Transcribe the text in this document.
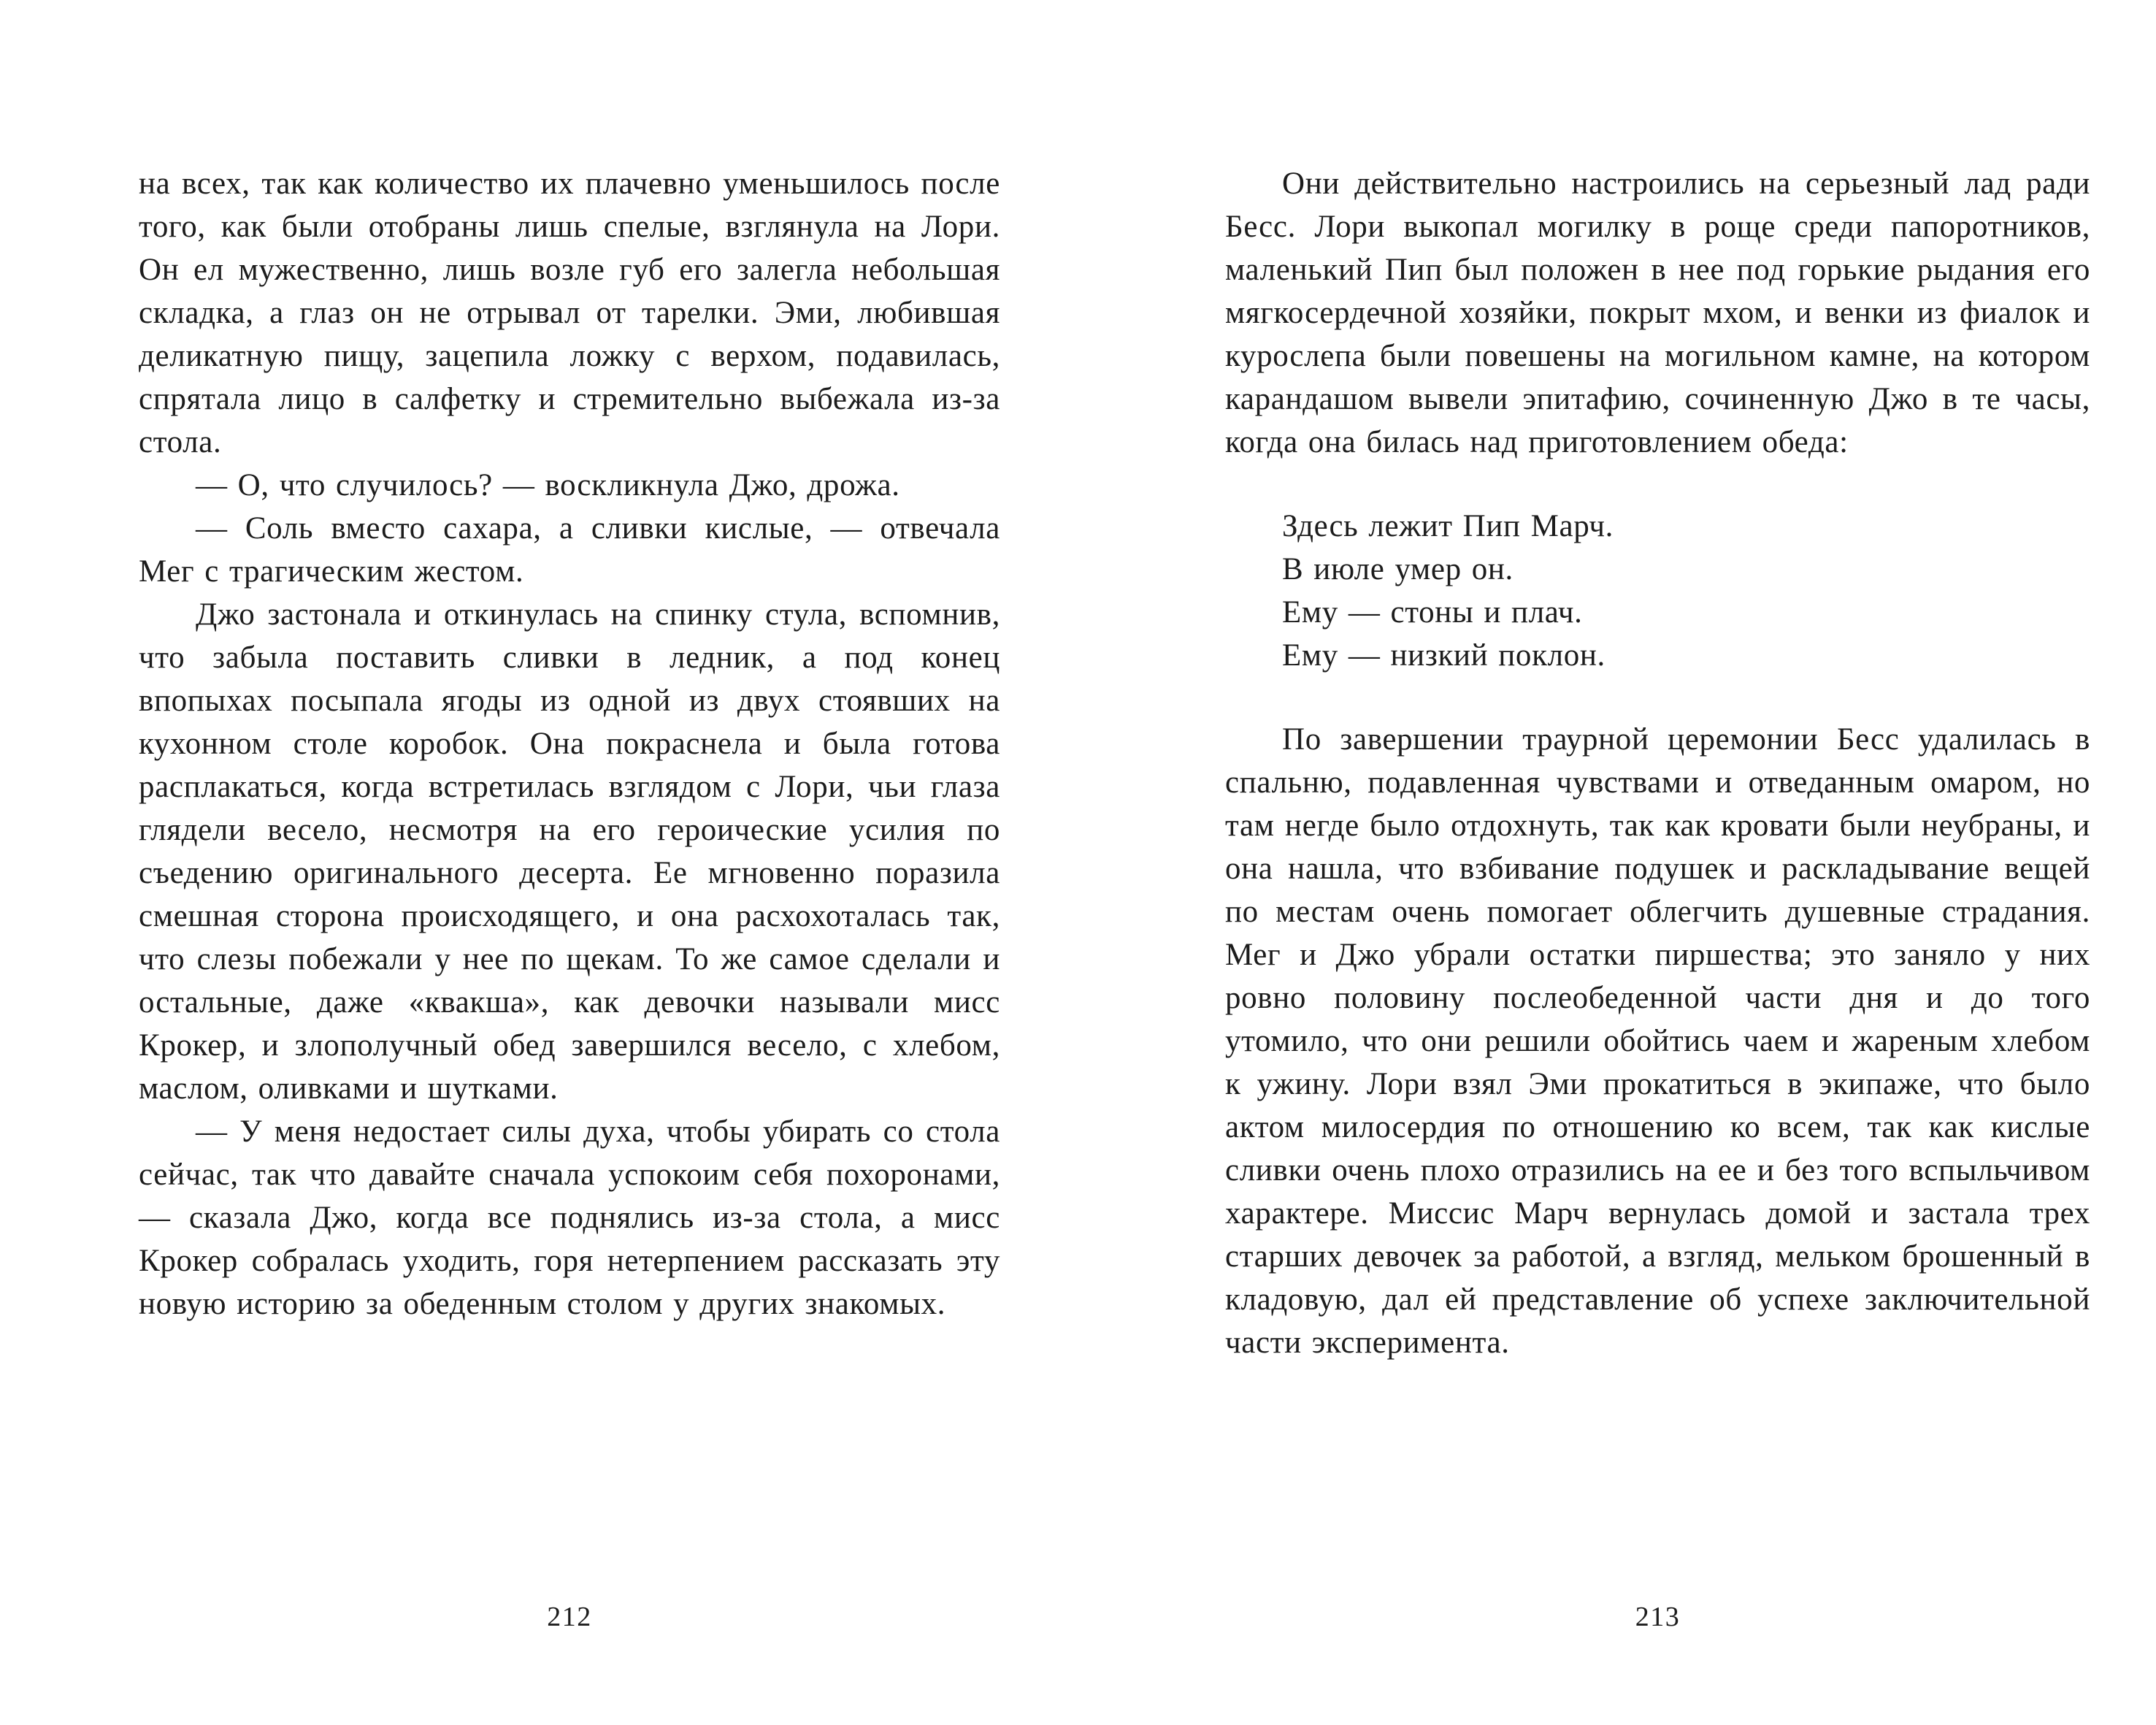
на всех, так как количество их плачевно уменьшилось после того, как были отобраны лишь спелые, взглянула на Лори. Он ел мужественно, лишь возле губ его залегла небольшая складка, а глаз он не отрывал от тарелки. Эми, любившая деликатную пищу, зацепила ложку с верхом, подавилась, спрятала лицо в салфетку и стремительно выбежала из-за стола.

— О, что случилось? — воскликнула Джо, дрожа.

— Соль вместо сахара, а сливки кислые, — отвечала Мег с трагическим жестом.

Джо застонала и откинулась на спинку стула, вспомнив, что забыла поставить сливки в ледник, а под конец впопыхах посыпала ягоды из одной из двух стоявших на кухонном столе коробок. Она покраснела и была готова расплакаться, когда встретилась взглядом с Лори, чьи глаза глядели весело, несмотря на его героические усилия по съедению оригинального десерта. Ее мгновенно поразила смешная сторона происходящего, и она расхохоталась так, что слезы побежали у нее по щекам. То же самое сделали и остальные, даже «квакша», как девочки называли мисс Крокер, и злополучный обед завершился весело, с хлебом, маслом, оливками и шутками.

— У меня недостает силы духа, чтобы убирать со стола сейчас, так что давайте сначала успокоим себя похоронами, — сказала Джо, когда все поднялись из-за стола, а мисс Крокер собралась уходить, горя нетерпением рассказать эту новую историю за обеденным столом у других знакомых.

212

Они действительно настроились на серьезный лад ради Бесс. Лори выкопал могилку в роще среди папоротников, маленький Пип был положен в нее под горькие рыдания его мягкосердечной хозяйки, покрыт мхом, и венки из фиалок и курослепа были повешены на могильном камне, на котором карандашом вывели эпитафию, сочиненную Джо в те часы, когда она билась над приготовлением обеда:

Здесь лежит Пип Марч.
В июле умер он.
Ему — стоны и плач.
Ему — низкий поклон.

По завершении траурной церемонии Бесс удалилась в спальню, подавленная чувствами и отведанным омаром, но там негде было отдохнуть, так как кровати были неубраны, и она нашла, что взбивание подушек и раскладывание вещей по местам очень помогает облегчить душевные страдания. Мег и Джо убрали остатки пиршества; это заняло у них ровно половину послеобеденной части дня и до того утомило, что они решили обойтись чаем и жареным хлебом к ужину. Лори взял Эми прокатиться в экипаже, что было актом милосердия по отношению ко всем, так как кислые сливки очень плохо отразились на ее и без того вспыльчивом характере. Миссис Марч вернулась домой и застала трех старших девочек за работой, а взгляд, мельком брошенный в кладовую, дал ей представление об успехе заключительной части эксперимента.

213
